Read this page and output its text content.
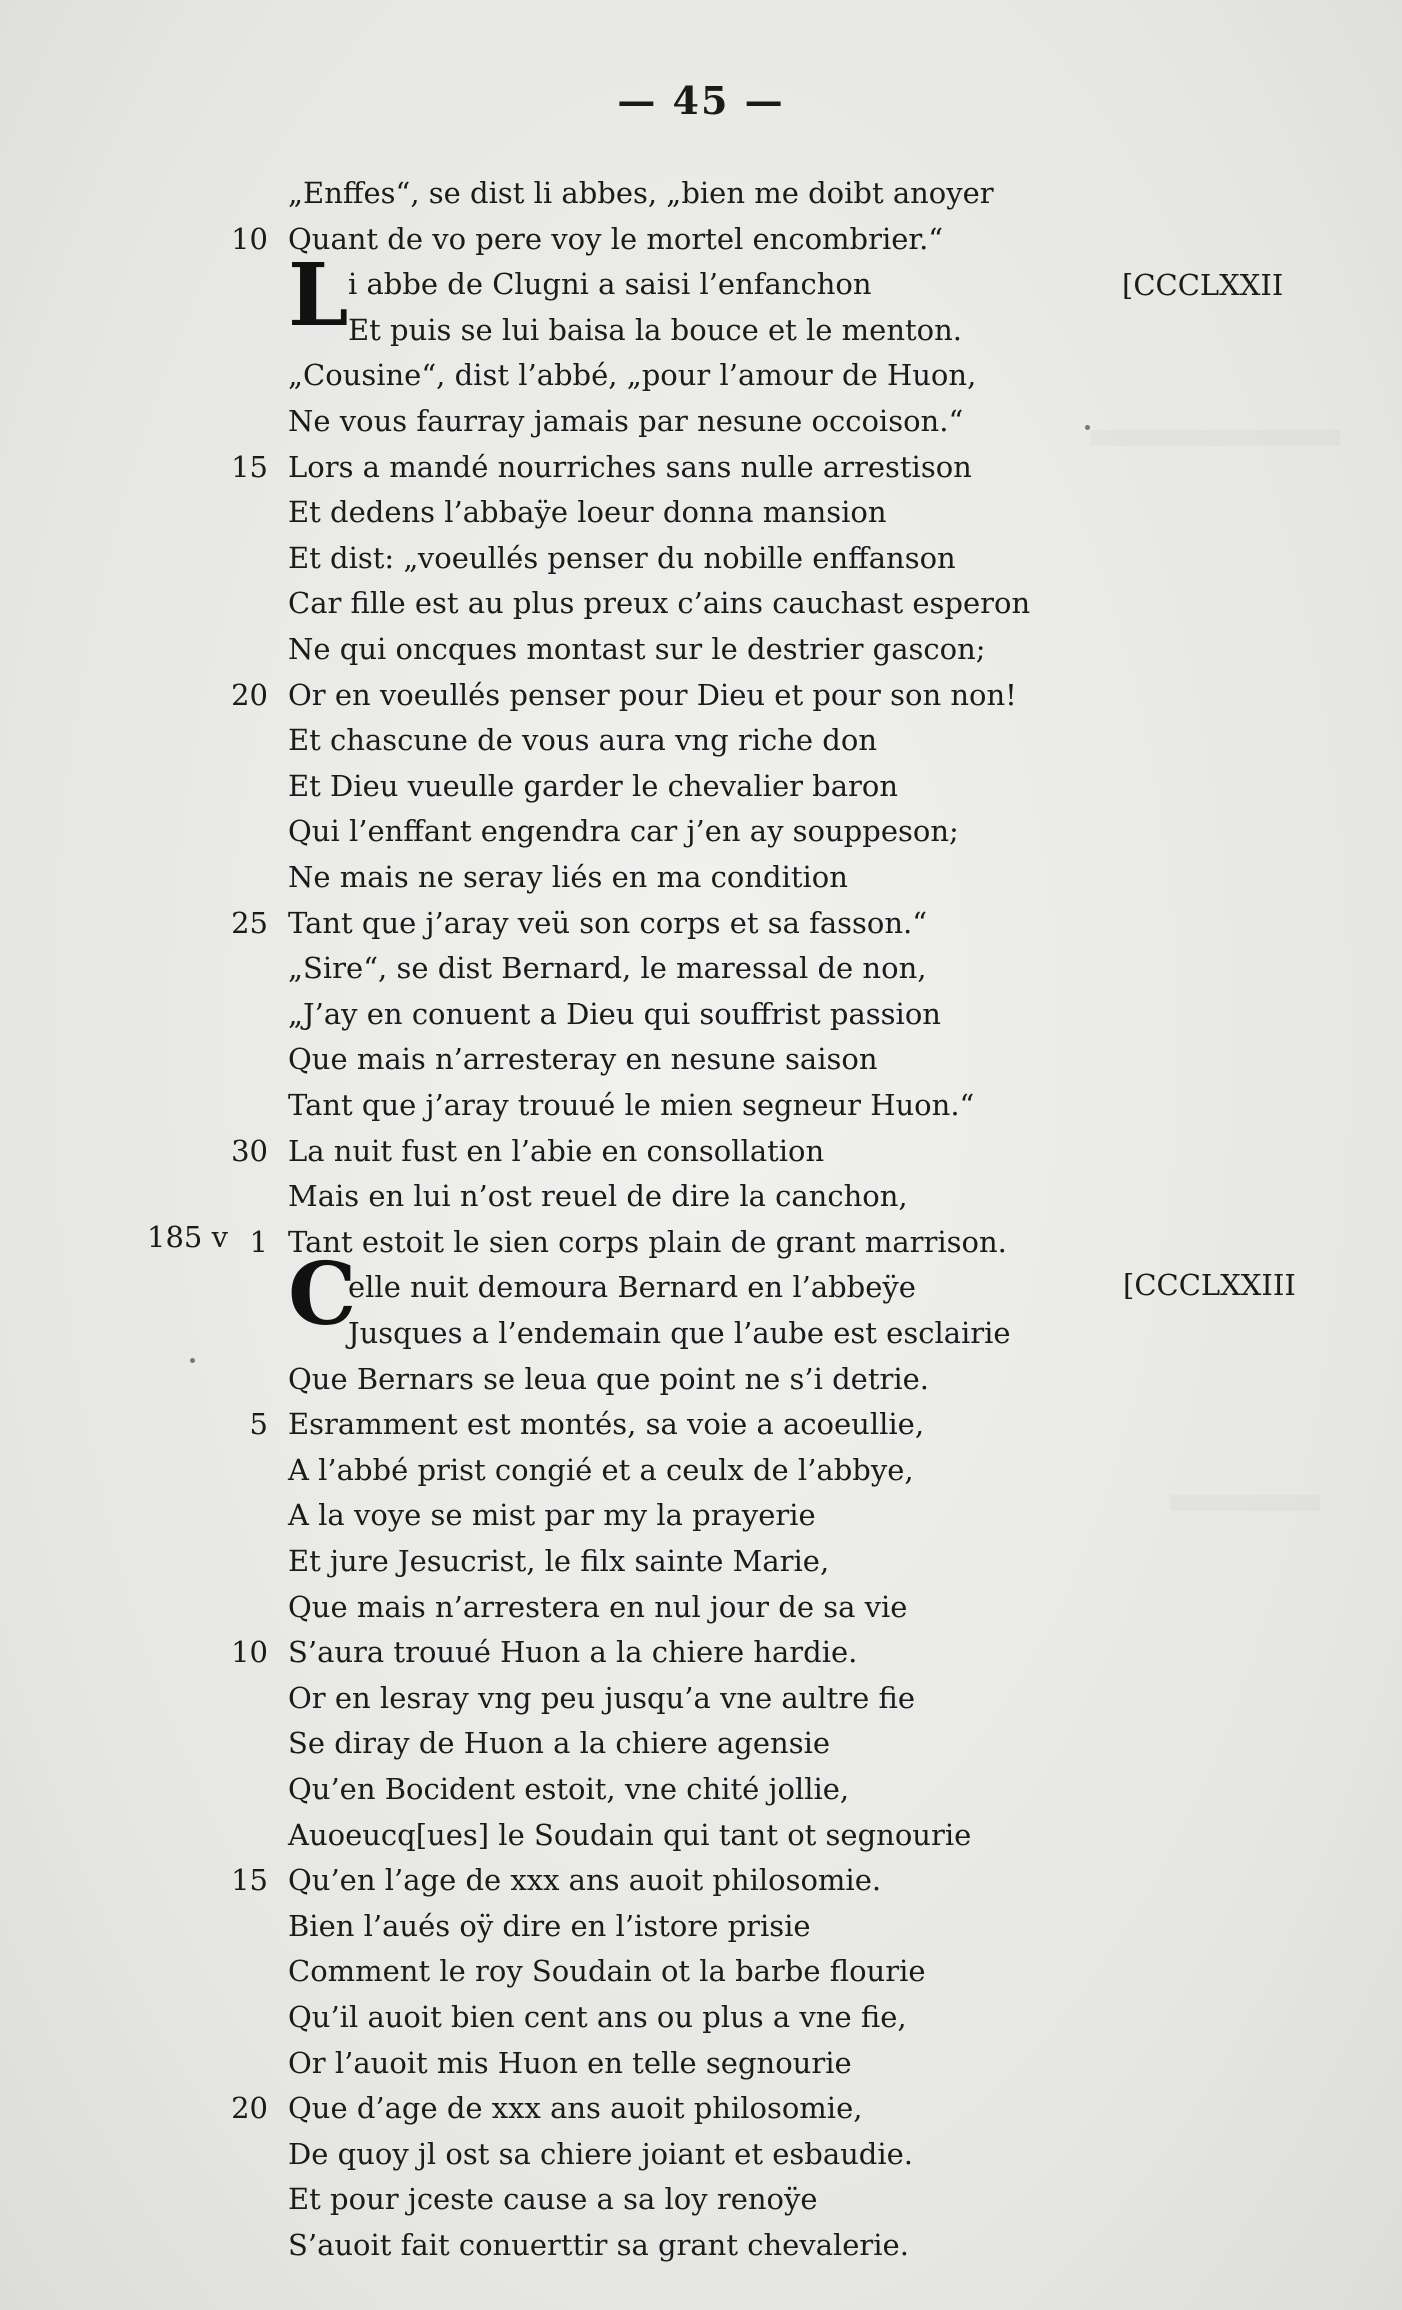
— 45 —
„Enffes“, se dist li abbes, „bien me doibt anoyer
10 Quant de vo pere voy le mortel encombrier.“
i abbe de Clugni a saisi l’enfanchon
Et puis se lui baisa la bouce et le menton.
„Cousine“, dist l’abbé, „pour l’amour de Huon,
Ne vous faurray jamais par nesune occoison.“
15 Lors a mandé nourriches sans nulle arrestison
Et dedens l’abbaÿe loeur donna mansion
Et dist: „voeullés penser du nobille enffanson
Car fille est au plus preux c’ains cauchast esperon
Ne qui oncques montast sur le destrier gascon;
20 Or en voeullés penser pour Dieu et pour son non!
Et chascune de vous aura vng riche don
Et Dieu vueulle garder le chevalier baron
Qui l’enffant engendra car j’en ay souppeson;
Ne mais ne seray liés en ma condition
25 Tant que j’aray veü son corps et sa fasson.“
„Sire“, se dist Bernard, le maressal de non,
„J’ay en conuent a Dieu qui souffrist passion
Que mais n’arresteray en nesune saison
Tant que j’aray trouué le mien segneur Huon.“
30 La nuit fust en l’abie en consollation
Mais en lui n’ost reuel de dire la canchon,
1 Tant estoit le sien corps plain de grant marrison.
elle nuit demoura Bernard en l’abbeÿe
Jusques a l’endemain que l’aube est esclairie
Que Bernars se leua que point ne s’i detrie.
5 Esramment est montés, sa voie a acoeullie,
A l’abbé prist congié et a ceulx de l’abbye,
A la voye se mist par my la prayerie
Et jure Jesucrist, le filx sainte Marie,
Que mais n’arrestera en nul jour de sa vie
10 S’aura trouué Huon a la chiere hardie.
Or en lesray vng peu jusqu’a vne aultre fie
Se diray de Huon a la chiere agensie
Qu’en Bocident estoit, vne chité jollie,
Auoeucq[ues] le Soudain qui tant ot segnourie
15 Qu’en l’age de xxx ans auoit philosomie.
Bien l’aués oÿ dire en l’istore prisie
Comment le roy Soudain ot la barbe flourie
Qu’il auoit bien cent ans ou plus a vne fie,
Or l’auoit mis Huon en telle segnourie
20 Que d’age de xxx ans auoit philosomie,
De quoy jl ost sa chiere joiant et esbaudie.
Et pour jceste cause a sa loy renoÿe
S’auoit fait conuerttir sa grant chevalerie.
L
C
[CCCLXXII
[CCCLXXIII
185 v
